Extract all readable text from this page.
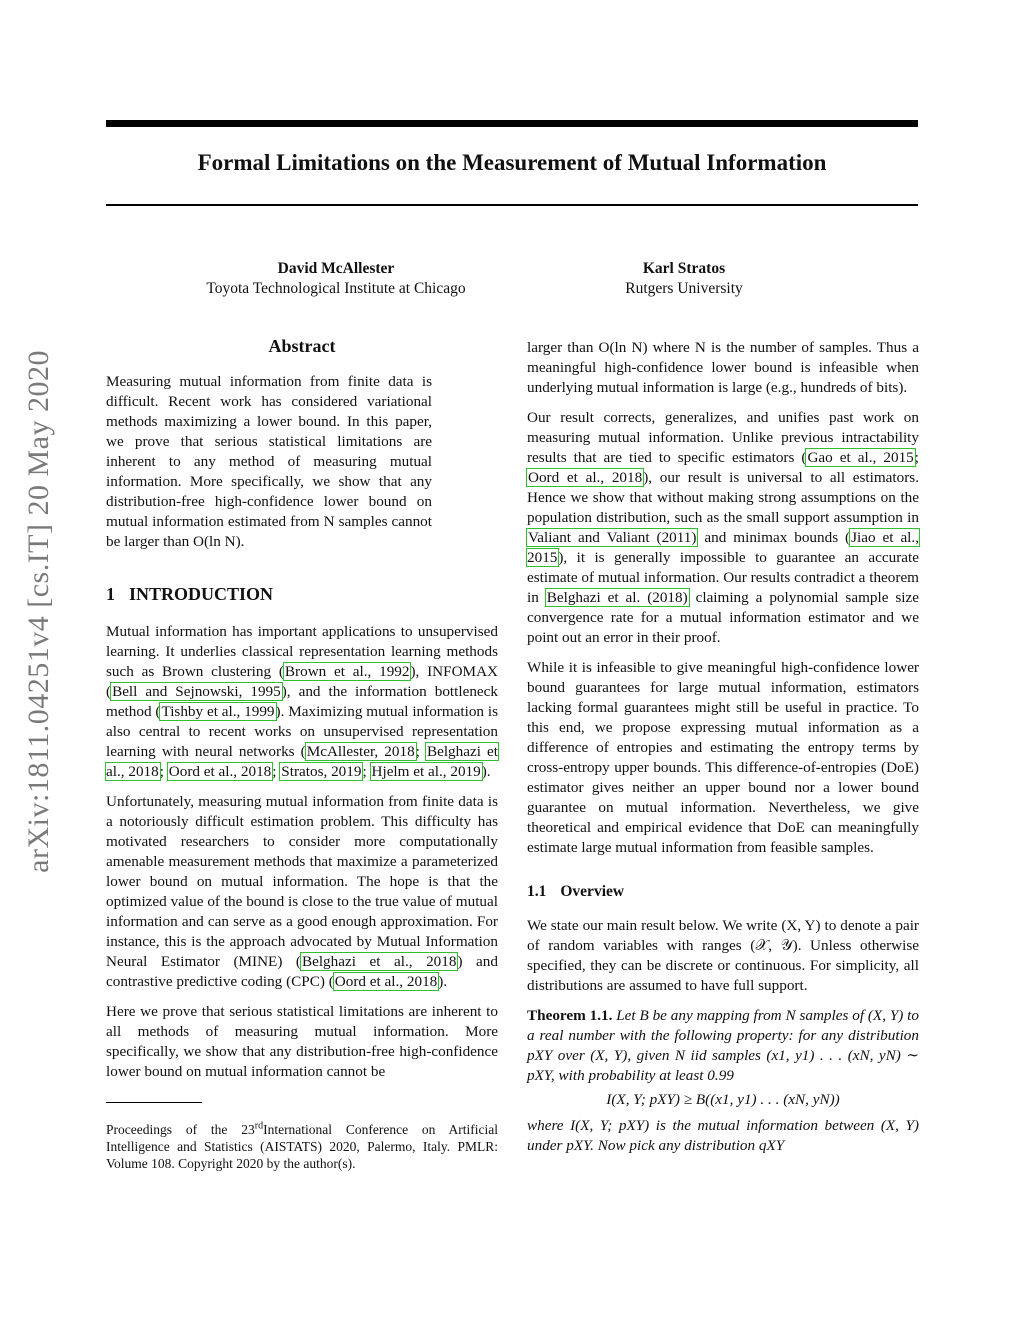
arXiv:1811.04251v4 [cs.IT] 20 May 2020
Formal Limitations on the Measurement of Mutual Information
David McAllester
Toyota Technological Institute at Chicago
Karl Stratos
Rutgers University
Abstract

Measuring mutual information from finite data is difficult. Recent work has considered variational methods maximizing a lower bound. In this paper, we prove that serious statistical limitations are inherent to any method of measuring mutual information. More specifically, we show that any distribution-free high-confidence lower bound on mutual information estimated from N samples cannot be larger than O(ln N).

1 INTRODUCTION

Mutual information has important applications to unsupervised learning. It underlies classical representation learning methods such as Brown clustering (Brown et al., 1992), INFOMAX (Bell and Sejnowski, 1995), and the information bottleneck method (Tishby et al., 1999). Maximizing mutual information is also central to recent works on unsupervised representation learning with neural networks (McAllester, 2018; Belghazi et al., 2018; Oord et al., 2018; Stratos, 2019; Hjelm et al., 2019).

Unfortunately, measuring mutual information from finite data is a notoriously difficult estimation problem. This difficulty has motivated researchers to consider more computationally amenable measurement methods that maximize a parameterized lower bound on mutual information. The hope is that the optimized value of the bound is close to the true value of mutual information and can serve as a good enough approximation. For instance, this is the approach advocated by Mutual Information Neural Estimator (MINE) (Belghazi et al., 2018) and contrastive predictive coding (CPC) (Oord et al., 2018).

Here we prove that serious statistical limitations are inherent to all methods of measuring mutual information. More specifically, we show that any distribution-free high-confidence lower bound on mutual information cannot be

Proceedings of the 23rdInternational Conference on Artificial Intelligence and Statistics (AISTATS) 2020, Palermo, Italy. PMLR: Volume 108. Copyright 2020 by the author(s).

larger than O(ln N) where N is the number of samples. Thus a meaningful high-confidence lower bound is infeasible when underlying mutual information is large (e.g., hundreds of bits).

Our result corrects, generalizes, and unifies past work on measuring mutual information. Unlike previous intractability results that are tied to specific estimators (Gao et al., 2015; Oord et al., 2018), our result is universal to all estimators. Hence we show that without making strong assumptions on the population distribution, such as the small support assumption in Valiant and Valiant (2011) and minimax bounds (Jiao et al., 2015), it is generally impossible to guarantee an accurate estimate of mutual information. Our results contradict a theorem in Belghazi et al. (2018) claiming a polynomial sample size convergence rate for a mutual information estimator and we point out an error in their proof.

While it is infeasible to give meaningful high-confidence lower bound guarantees for large mutual information, estimators lacking formal guarantees might still be useful in practice. To this end, we propose expressing mutual information as a difference of entropies and estimating the entropy terms by cross-entropy upper bounds. This difference-of-entropies (DoE) estimator gives neither an upper bound nor a lower bound guarantee on mutual information. Nevertheless, we give theoretical and empirical evidence that DoE can meaningfully estimate large mutual information from feasible samples.

1.1 Overview

We state our main result below. We write (X, Y) to denote a pair of random variables with ranges (𝒳, 𝒴). Unless otherwise specified, they can be discrete or continuous. For simplicity, all distributions are assumed to have full support.

Theorem 1.1. Let B be any mapping from N samples of (X, Y) to a real number with the following property: for any distribution pXY over (X, Y), given N iid samples (x1, y1) . . . (xN, yN) ∼ pXY, with probability at least 0.99

I(X, Y; pXY) ≥ B((x1, y1) . . . (xN, yN))

where I(X, Y; pXY) is the mutual information between (X, Y) under pXY. Now pick any distribution qXY
